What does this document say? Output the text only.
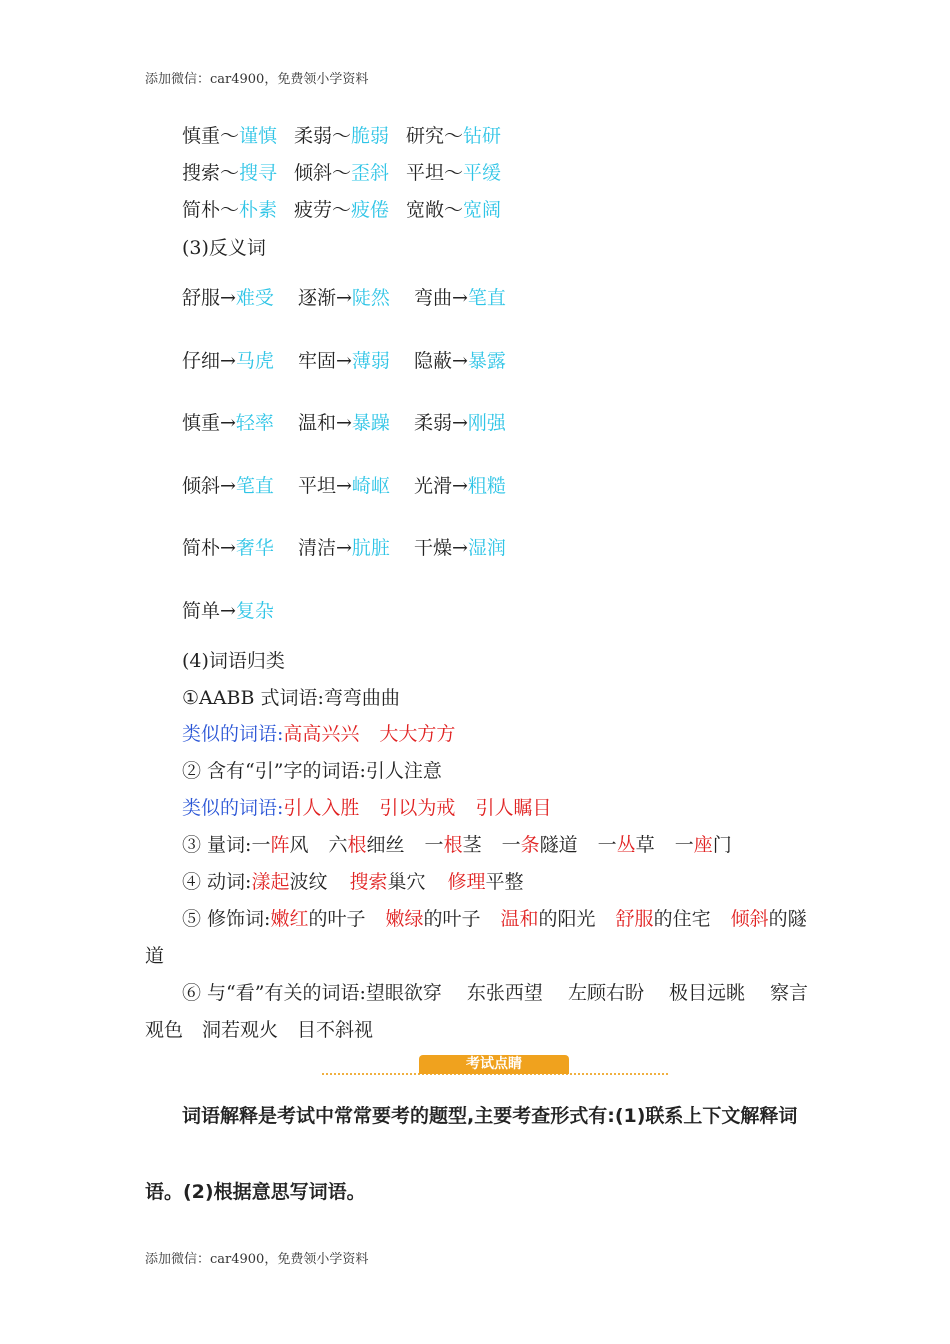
添加微信：car4900，免费领小学资料
慎重～谨慎 柔弱～脆弱 研究～钻研
搜索～搜寻 倾斜～歪斜 平坦～平缓
简朴～朴素 疲劳～疲倦 宽敞～宽阔
(3)反义词
舒服→难受 逐渐→陡然 弯曲→笔直
仔细→马虎 牢固→薄弱 隐蔽→暴露
慎重→轻率 温和→暴躁 柔弱→刚强
倾斜→笔直 平坦→崎岖 光滑→粗糙
简朴→奢华 清洁→肮脏 干燥→湿润
简单→复杂
(4)词语归类
①AABB 式词语:弯弯曲曲
类似的词语:高高兴兴 大大方方
② 含有“引”字的词语:引人注意
类似的词语:引人入胜 引以为戒 引人瞩目
③ 量词:一阵风 六根细丝 一根茎 一条隧道 一丛草 一座门
④ 动词:漾起波纹 搜索巢穴 修理平整
⑤ 修饰词:嫩红的叶子 嫩绿的叶子 温和的阳光 舒服的住宅 倾斜的隧
道
⑥ 与“看”有关的词语:望眼欲穿　 东张西望　 左顾右盼　 极目远眺　 察言
观色　洞若观火　目不斜视
考试点睛
词语解释是考试中常常要考的题型,主要考查形式有:(1)联系上下文解释词
语。(2)根据意思写词语。
添加微信：car4900，免费领小学资料
